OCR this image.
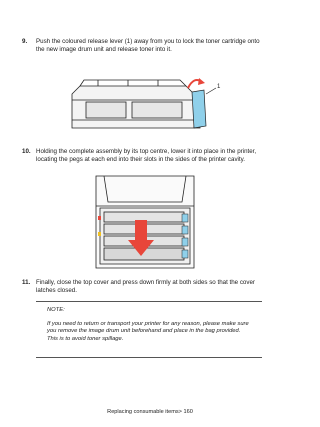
9. Push the coloured release lever (1) away from you to lock the toner cartridge onto the new image drum unit and release toner into it.
1
10. Holding the complete assembly by its top centre, lower it into place in the printer, locating the pegs at each end into their slots in the sides of the printer cavity.
11. Finally, close the top cover and press down firmly at both sides so that the cover latches closed.
NOTE:
If you need to return or transport your printer for any reason, please make sure you remove the image drum unit beforehand and place in the bag provided. This is to avoid toner spillage.
Replacing consumable items> 160
